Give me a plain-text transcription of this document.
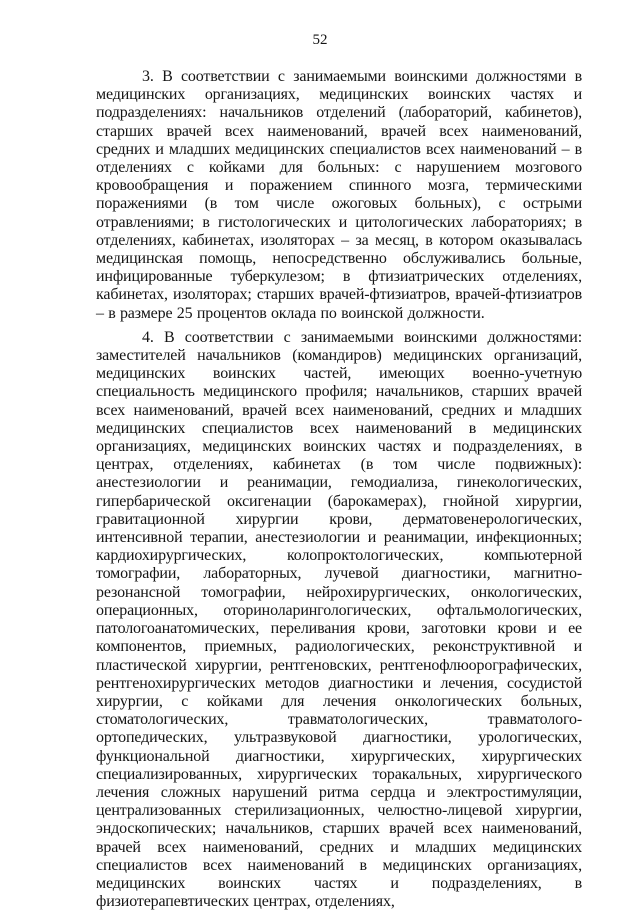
52

3. В соответствии с занимаемыми воинскими должностями в медицинских организациях, медицинских воинских частях и подразделениях: начальников отделений (лабораторий, кабинетов), старших врачей всех наименований, врачей всех наименований, средних и младших медицинских специалистов всех наименований – в отделениях с койками для больных: с нарушением мозгового кровообращения и поражением спинного мозга, термическими поражениями (в том числе ожоговых больных), с острыми отравлениями; в гистологических и цитологических лабораториях; в отделениях, кабинетах, изоляторах – за месяц, в котором оказывалась медицинская помощь, непосредственно обслуживались больные, инфицированные туберкулезом; в фтизиатрических отделениях, кабинетах, изоляторах; старших врачей-фтизиатров, врачей-фтизиатров – в размере 25 процентов оклада по воинской должности.

4. В соответствии с занимаемыми воинскими должностями: заместителей начальников (командиров) медицинских организаций, медицинских воинских частей, имеющих военно-учетную специальность медицинского профиля; начальников, старших врачей всех наименований, врачей всех наименований, средних и младших медицинских специалистов всех наименований в медицинских организациях, медицинских воинских частях и подразделениях, в центрах, отделениях, кабинетах (в том числе подвижных): анестезиологии и реанимации, гемодиализа, гинекологических, гипербарической оксигенации (барокамерах), гнойной хирургии, гравитационной хирургии крови, дерматовенерологических, интенсивной терапии, анестезиологии и реанимации, инфекционных; кардиохирургических, колопроктологических, компьютерной томографии, лабораторных, лучевой диагностики, магнитно-резонансной томографии, нейрохирургических, онкологических, операционных, оториноларингологических, офтальмологических, патологоанатомических, переливания крови, заготовки крови и ее компонентов, приемных, радиологических, реконструктивной и пластической хирургии, рентгеновских, рентгенофлюорографических, рентгенохирургических методов диагностики и лечения, сосудистой хирургии, с койками для лечения онкологических больных, стоматологических, травматологических, травматолого-ортопедических, ультразвуковой диагностики, урологических, функциональной диагностики, хирургических, хирургических специализированных, хирургических торакальных, хирургического лечения сложных нарушений ритма сердца и электростимуляции, централизованных стерилизационных, челюстно-лицевой хирургии, эндоскопических; начальников, старших врачей всех наименований, врачей всех наименований, средних и младших медицинских специалистов всех наименований в медицинских организациях, медицинских воинских частях и подразделениях, в физиотерапевтических центрах, отделениях,
